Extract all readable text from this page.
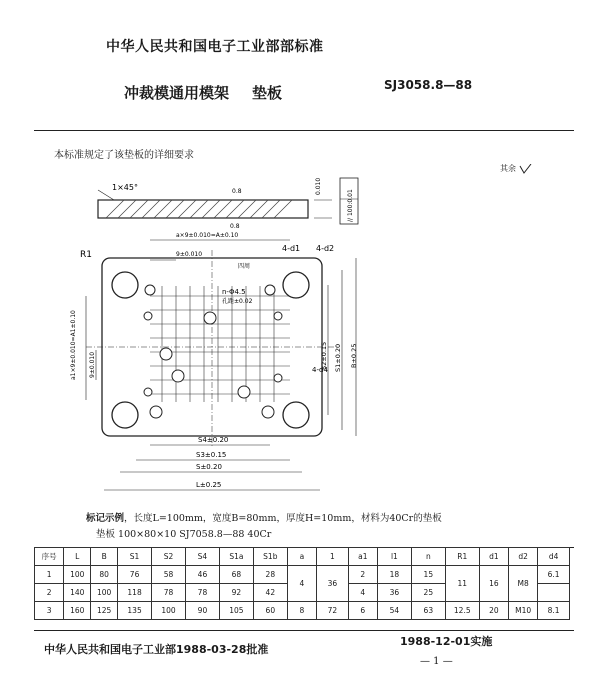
中华人民共和国电子工业部部标准
冲裁模通用模架 垫板	SJ3058.8—88
本标准规定了该垫板的详细要求
其余
1×45°	0.8
0.8
0.010
// 100:0.01
R1
a×9±0.010=A±0.10
9±0.010
四周
4-d1 4-d2
n-Φ4.5
孔距±0.02
4-d4
S2±0.15 S1±0.20 B±0.25
a1×9±0.010=A1±0.10 9±0.010
S4±0.20
S3±0.15
S±0.20
L±0.25
标记示例，长度L=100mm，宽度B=80mm，厚度H=10mm，材料为40Cr的垫板
垫板 100×80×10 SJ7058.8—88 40Cr
序号	L	B	S1	S2	S4	S1a	S1b	a	1	a1	l1	n	R1	d1	d2	d4
1	100	80	76	58	46	68	28	4	36	2	18	15	11	16	M8	6.1
2	140	100	118	78	78	92	42			4	36	25				
3	160	125	135	100	90	105	60	8	72	6	54	63	12.5	20	M10	8.1
中华人民共和国电子工业部1988-03-28批准
1988-12-01实施
— 1 —
